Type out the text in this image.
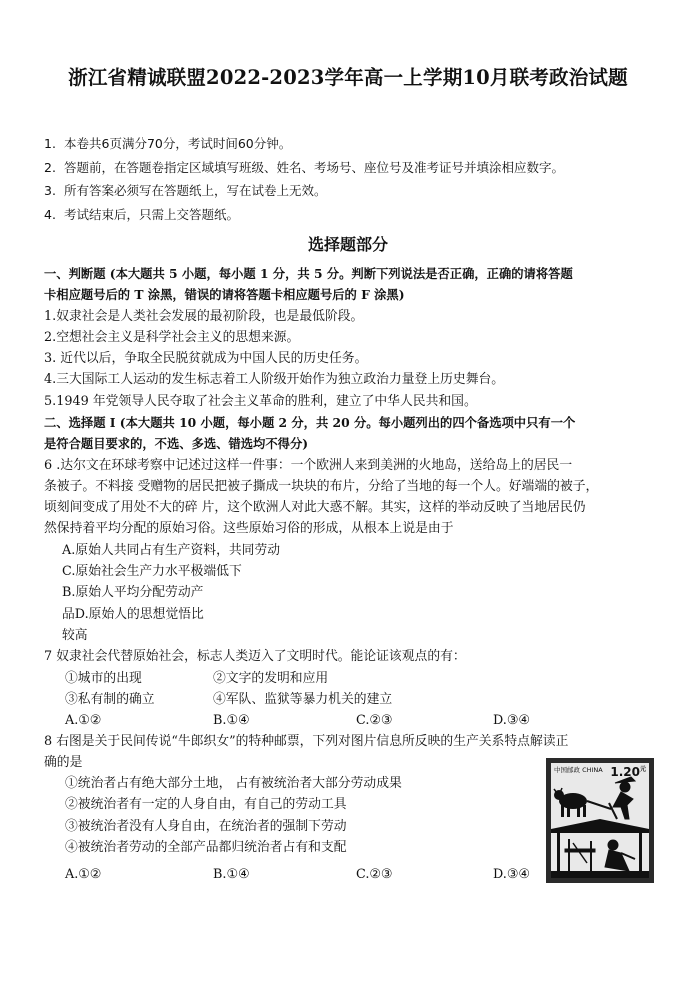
浙江省精诚联盟2022-2023学年高一上学期10月联考政治试题
1. 本卷共6页满分70分，考试时间60分钟。
2. 答题前，在答题卷指定区域填写班级、姓名、考场号、座位号及准考证号并填涂相应数字。
3. 所有答案必须写在答题纸上，写在试卷上无效。
4. 考试结束后，只需上交答题纸。
选择题部分
一、判断题 (本大题共 5 小题，每小题 1 分，共 5 分。判断下列说法是否正确，正确的请将答题
卡相应题号后的 T 涂黑，错误的请将答题卡相应题号后的 F 涂黑)
1.奴隶社会是人类社会发展的最初阶段，也是最低阶段。
2.空想社会主义是科学社会主义的思想来源。
3. 近代以后，争取全民脱贫就成为中国人民的历史任务。
4.三大国际工人运动的发生标志着工人阶级开始作为独立政治力量登上历史舞台。
5.1949 年党领导人民夺取了社会主义革命的胜利，建立了中华人民共和国。
二、选择题 I (本大题共 10 小题，每小题 2 分，共 20 分。每小题列出的四个备选项中只有一个
是符合题目要求的，不选、多选、错选均不得分)
6 .达尔文在环球考察中记述过这样一件事：一个欧洲人来到美洲的火地岛，送给岛上的居民一
条被子。不料接 受赠物的居民把被子撕成一块块的布片，分给了当地的每一个人。好端端的被子，
顷刻间变成了用处不大的碎 片，这个欧洲人对此大惑不解。其实，这样的举动反映了当地居民仍
然保持着平均分配的原始习俗。这些原始习俗的形成，从根本上说是由于
A.原始人共同占有生产资料，共同劳动
C.原始社会生产力水平极端低下
B.原始人平均分配劳动产
品D.原始人的思想觉悟比
较高
7 奴隶社会代替原始社会，标志人类迈入了文明时代。能论证该观点的有：
①城市的出现	②文字的发明和应用
③私有制的确立	④军队、监狱等暴力机关的建立
A.①②	B.①④	C.②③	D.③④
8 右图是关于民间传说“牛郎织女”的特种邮票，下列对图片信息所反映的生产关系特点解读正
确的是
①统治者占有绝大部分土地， 占有被统治者大部分劳动成果
②被统治者有一定的人身自由，有自己的劳动工具
③被统治者没有人身自由，在统治者的强制下劳动
④被统治者劳动的全部产品都归统治者占有和支配
A.①②	B.①④	C.②③	D.③④
中国邮政 CHINA $1.20^元$
